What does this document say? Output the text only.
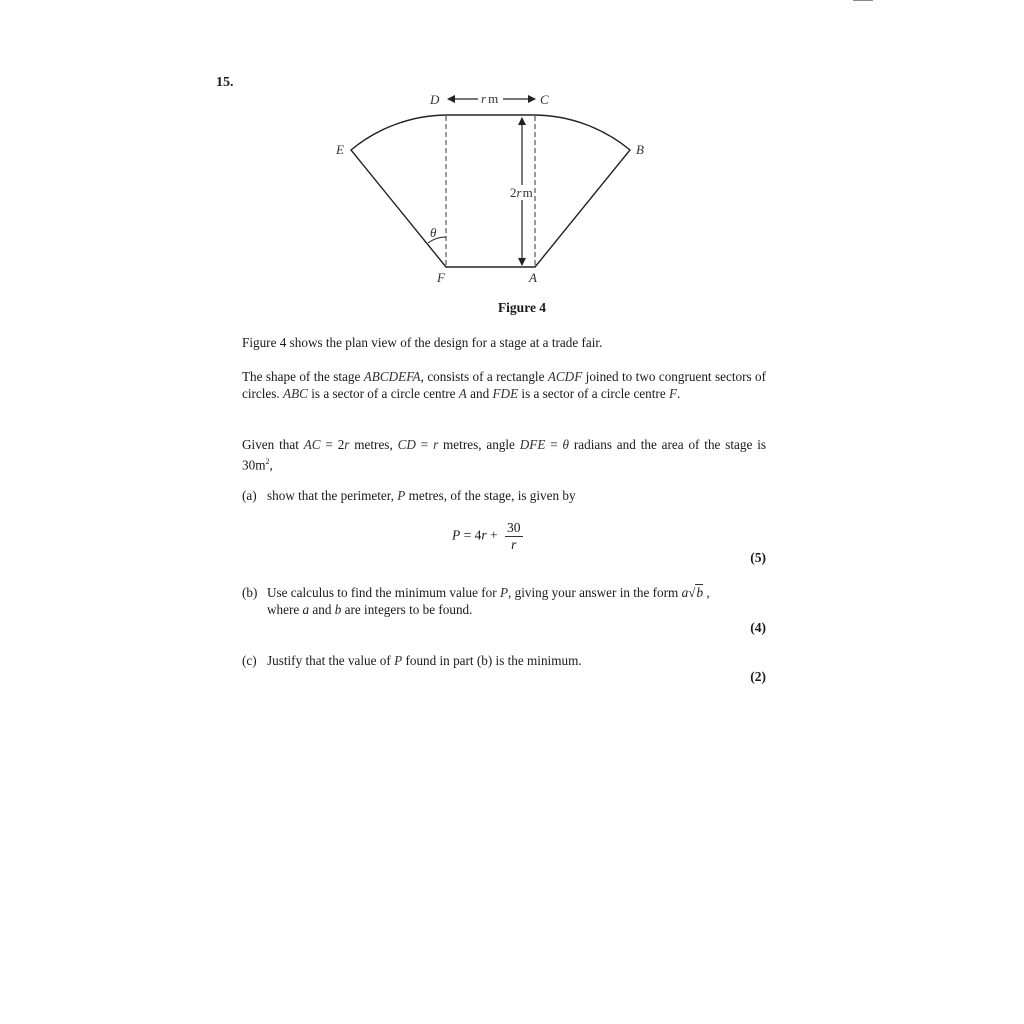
15.
D	C
r m
E	B
2rm
θ
F	A
Figure 4
Figure 4 shows the plan view of the design for a stage at a trade fair.
The shape of the stage ABCDEFA, consists of a rectangle ACDF joined to two congruent sectors of circles. ABC is a sector of a circle centre A and FDE is a sector of a circle centre F.
Given that AC = 2r metres, CD = r metres, angle DFE = θ radians and the area of the stage is $30m^2$,
(a) show that the perimeter, P metres, of the stage, is given by
$P = 4r + \frac{30}{r}$
(5)
(b) Use calculus to find the minimum value for P, giving your answer in the form a√b ,
where a and b are integers to be found.
(4)
(c) Justify that the value of P found in part (b) is the minimum.
(2)
